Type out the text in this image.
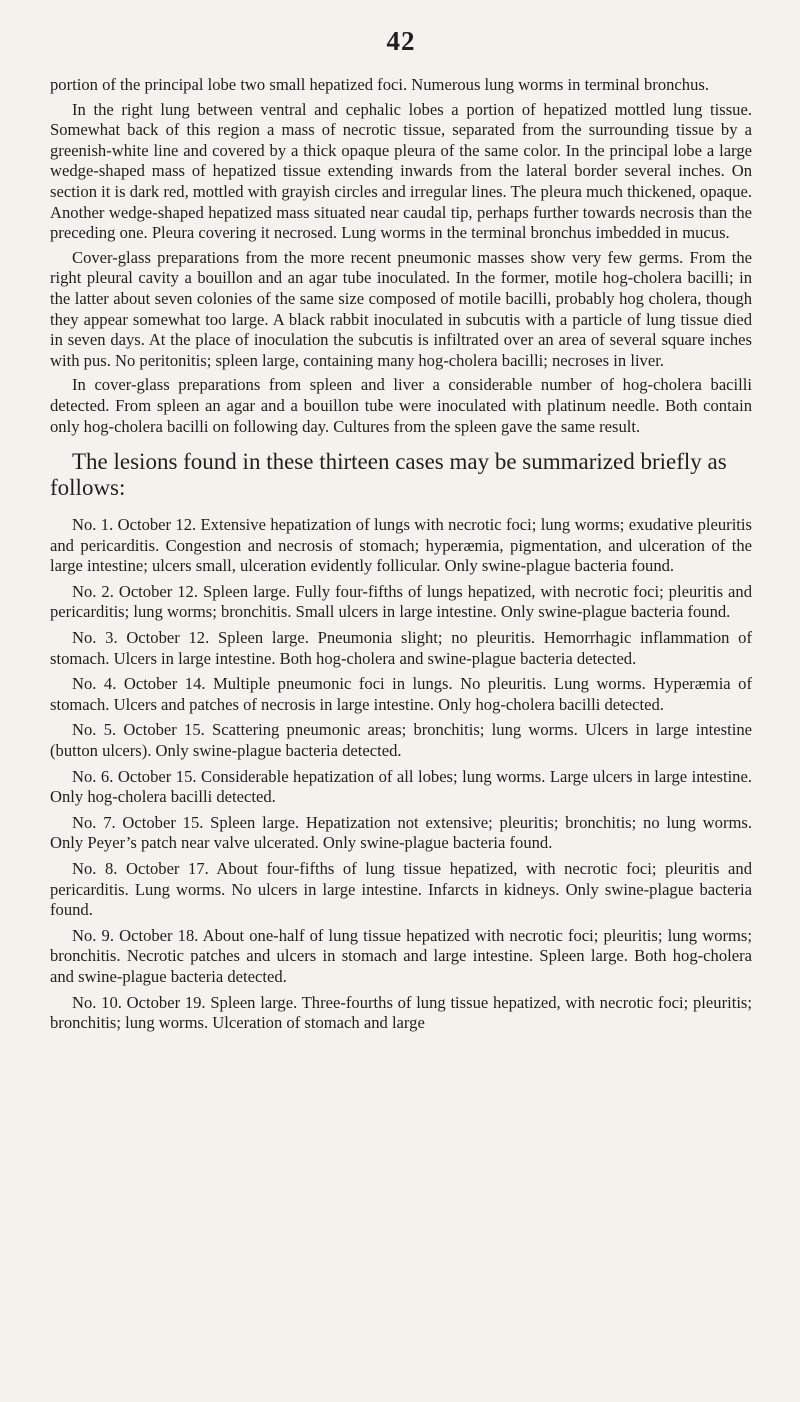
42

portion of the principal lobe two small hepatized foci. Numerous lung worms in terminal bronchus.

In the right lung between ventral and cephalic lobes a portion of hepatized mottled lung tissue. Somewhat back of this region a mass of necrotic tissue, separated from the surrounding tissue by a greenish-white line and covered by a thick opaque pleura of the same color. In the principal lobe a large wedge-shaped mass of hepatized tissue extending inwards from the lateral border several inches. On section it is dark red, mottled with grayish circles and irregular lines. The pleura much thickened, opaque. Another wedge-shaped hepatized mass situated near caudal tip, perhaps further towards necrosis than the preceding one. Pleura covering it necrosed. Lung worms in the terminal bronchus imbedded in mucus.

Cover-glass preparations from the more recent pneumonic masses show very few germs. From the right pleural cavity a bouillon and an agar tube inoculated. In the former, motile hog-cholera bacilli; in the latter about seven colonies of the same size composed of motile bacilli, probably hog cholera, though they appear somewhat too large. A black rabbit inoculated in subcutis with a particle of lung tissue died in seven days. At the place of inoculation the subcutis is infiltrated over an area of several square inches with pus. No peritonitis; spleen large, containing many hog-cholera bacilli; necroses in liver.

In cover-glass preparations from spleen and liver a considerable number of hog-cholera bacilli detected. From spleen an agar and a bouillon tube were inoculated with platinum needle. Both contain only hog-cholera bacilli on following day. Cultures from the spleen gave the same result.

The lesions found in these thirteen cases may be summarized briefly as follows:

No. 1. October 12. Extensive hepatization of lungs with necrotic foci; lung worms; exudative pleuritis and pericarditis. Congestion and necrosis of stomach; hyperæmia, pigmentation, and ulceration of the large intestine; ulcers small, ulceration evidently follicular. Only swine-plague bacteria found.

No. 2. October 12. Spleen large. Fully four-fifths of lungs hepatized, with necrotic foci; pleuritis and pericarditis; lung worms; bronchitis. Small ulcers in large intestine. Only swine-plague bacteria found.

No. 3. October 12. Spleen large. Pneumonia slight; no pleuritis. Hemorrhagic inflammation of stomach. Ulcers in large intestine. Both hog-cholera and swine-plague bacteria detected.

No. 4. October 14. Multiple pneumonic foci in lungs. No pleuritis. Lung worms. Hyperæmia of stomach. Ulcers and patches of necrosis in large intestine. Only hog-cholera bacilli detected.

No. 5. October 15. Scattering pneumonic areas; bronchitis; lung worms. Ulcers in large intestine (button ulcers). Only swine-plague bacteria detected.

No. 6. October 15. Considerable hepatization of all lobes; lung worms. Large ulcers in large intestine. Only hog-cholera bacilli detected.

No. 7. October 15. Spleen large. Hepatization not extensive; pleuritis; bronchitis; no lung worms. Only Peyer’s patch near valve ulcerated. Only swine-plague bacteria found.

No. 8. October 17. About four-fifths of lung tissue hepatized, with necrotic foci; pleuritis and pericarditis. Lung worms. No ulcers in large intestine. Infarcts in kidneys. Only swine-plague bacteria found.

No. 9. October 18. About one-half of lung tissue hepatized with necrotic foci; pleuritis; lung worms; bronchitis. Necrotic patches and ulcers in stomach and large intestine. Spleen large. Both hog-cholera and swine-plague bacteria detected.

No. 10. October 19. Spleen large. Three-fourths of lung tissue hepatized, with necrotic foci; pleuritis; bronchitis; lung worms. Ulceration of stomach and large
